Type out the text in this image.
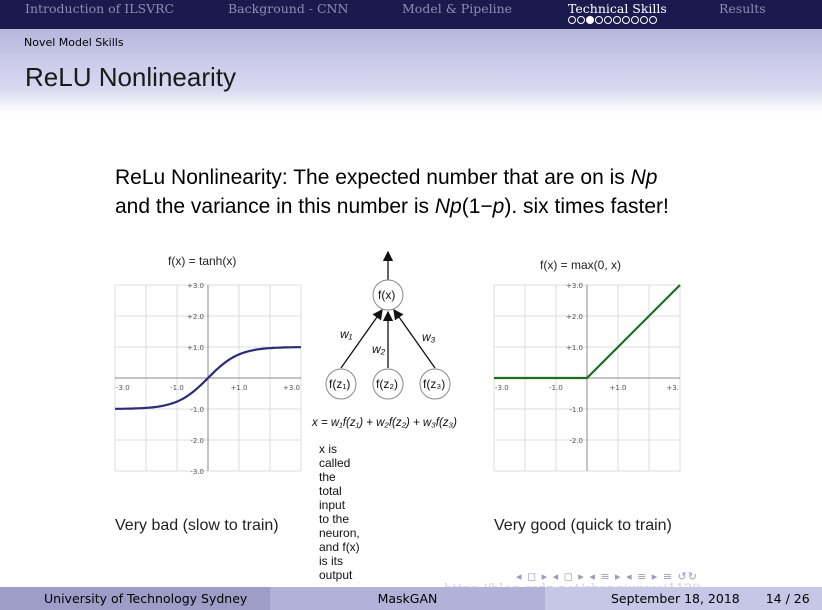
Introduction of ILSVRC	Background - CNN	Model & Pipeline	Technical Skills	Results
Novel Model Skills
ReLU Nonlinearity
ReLu Nonlinearity: The expected number that are on is Np
and the variance in this number is Np(1−p). six times faster!
f(x) = tanh(x)
+3.0
+2.0
+1.0
-1.0
-2.0
-3.0
-3.0	-1.0	+1.0	+3.0
Very bad (slow to train)
f(x) = max(0, x)
+3.0
+2.0
+1.0
-1.0
-2.0
-3.0	-1.0	+1.0	+3.
Very good (quick to train)
f(x)
f(z₁) f(z₂) f(z₃)
w₁
w₂
w₃
x = w₁f(z₁) + w₂f(z₂) + w₃f(z₃)
x is called the total input
to the neuron, and f(x)
is its output	◂ ◻ ▸ ◂ ◻ ▸ ◂ ≡ ▸ ◂ ≡ ▸ ≡ ↺↻
University of Technology Sydney	MaskGAN	September 18, 2018 14 / 26
